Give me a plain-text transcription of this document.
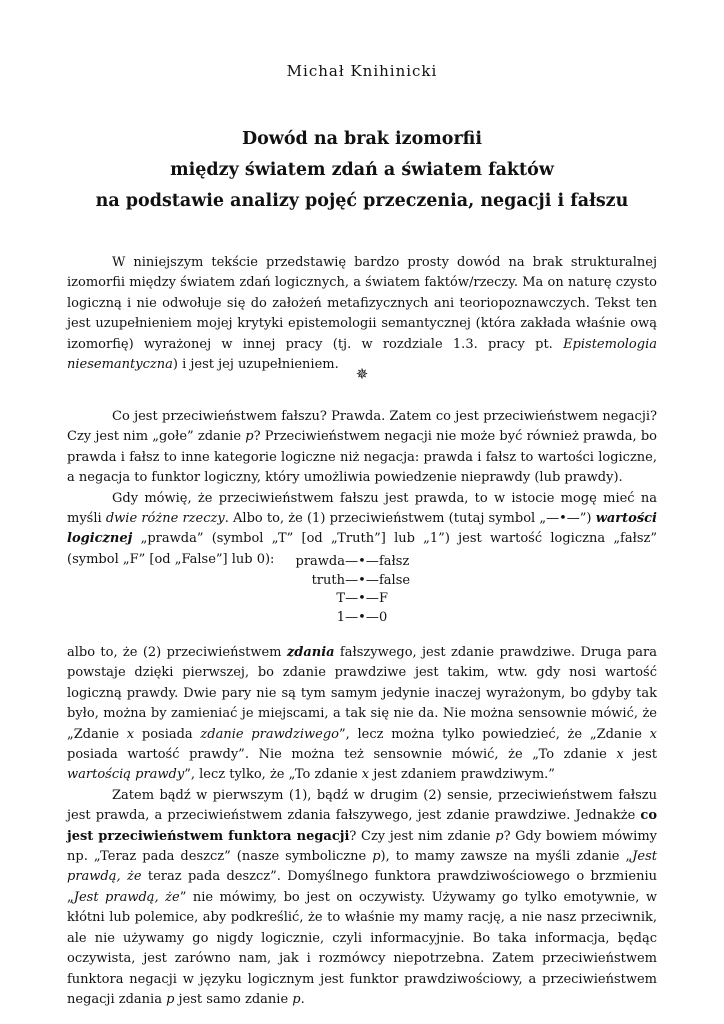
Michał Knihinicki
Dowód na brak izomorfii
między światem zdań a światem faktów
na podstawie analizy pojęć przeczenia, negacji i fałszu

W niniejszym tekście przedstawię bardzo prosty dowód na brak strukturalnej izomorfii między światem zdań logicznych, a światem faktów/rzeczy. Ma on naturę czysto logiczną i nie odwołuje się do założeń metafizycznych ani teoriopoznawczych. Tekst ten jest uzupełnieniem mojej krytyki epistemologii semantycznej (która zakłada właśnie ową izomorfię) wyrażonej w innej pracy (tj. w rozdziale 1.3. pracy pt. Epistemologia niesemantyczna) i jest jej uzupełnieniem.

✵

Co jest przeciwieństwem fałszu? Prawda. Zatem co jest przeciwieństwem negacji? Czy jest nim „gołe” zdanie p? Przeciwieństwem negacji nie może być również prawda, bo prawda i fałsz to inne kategorie logiczne niż negacja: prawda i fałsz to wartości logiczne, a negacja to funktor logiczny, który umożliwia powiedzenie nieprawdy (lub prawdy).

Gdy mówię, że przeciwieństwem fałszu jest prawda, to w istocie mogę mieć na myśli dwie różne rzeczy. Albo to, że (1) przeciwieństwem (tutaj symbol „—•—”) wartości logicznej „prawda” (symbol „T” [od „Truth”] lub „1”) jest wartość logiczna „fałsz” (symbol „F” [od „False”] lub 0):	prawda —•— fałsz
truth —•— false
T —•— F
1 —•— 0

albo to, że (2) przeciwieństwem zdania fałszywego, jest zdanie prawdziwe. Druga para powstaje dzięki pierwszej, bo zdanie prawdziwe jest takim, wtw. gdy nosi wartość logiczną prawdy. Dwie pary nie są tym samym jedynie inaczej wyrażonym, bo gdyby tak było, można by zamieniać je miejscami, a tak się nie da. Nie można sensownie mówić, że „Zdanie x posiada zdanie prawdziwego”, lecz można tylko powiedzieć, że „Zdanie x posiada wartość prawdy”. Nie można też sensownie mówić, że „To zdanie x jest wartością prawdy”, lecz tylko, że „To zdanie x jest zdaniem prawdziwym.”

Zatem bądź w pierwszym (1), bądź w drugim (2) sensie, przeciwieństwem fałszu jest prawda, a przeciwieństwem zdania fałszywego, jest zdanie prawdziwe. Jednakże co jest przeciwieństwem funktora negacji? Czy jest nim zdanie p? Gdy bowiem mówimy np. „Teraz pada deszcz” (nasze symboliczne p), to mamy zawsze na myśli zdanie „Jest prawdą, że teraz pada deszcz”. Domyślnego funktora prawdziwościowego o brzmieniu „Jest prawdą, że” nie mówimy, bo jest on oczywisty. Używamy go tylko emotywnie, w kłótni lub polemice, aby podkreślić, że to właśnie my mamy rację, a nie nasz przeciwnik, ale nie używamy go nigdy logicznie, czyli informacyjnie. Bo taka informacja, będąc oczywista, jest zarówno nam, jak i rozmówcy niepotrzebna. Zatem przeciwieństwem funktora negacji w języku logicznym jest funktor prawdziwościowy, a przeciwieństwem negacji zdania p jest samo zdanie p.
